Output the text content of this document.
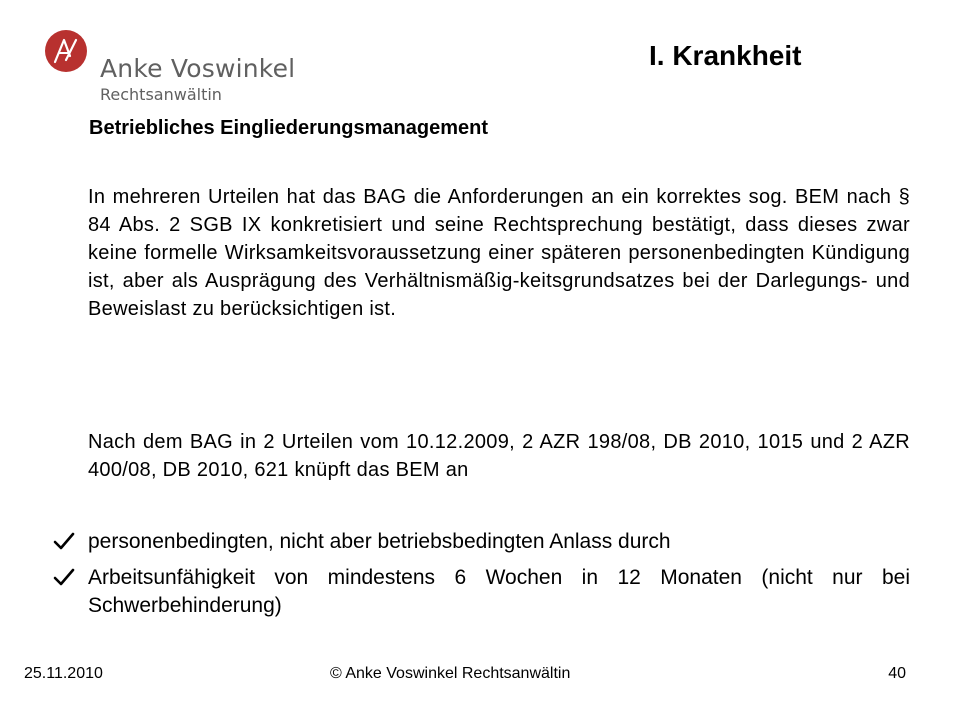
Anke Voswinkel
Rechtsanwältin
I. Krankheit
Betriebliches Eingliederungsmanagement

In mehreren Urteilen hat das BAG die Anforderungen an ein korrektes sog. BEM nach § 84 Abs. 2 SGB IX konkretisiert und seine Rechtsprechung bestätigt, dass dieses zwar keine formelle Wirksamkeitsvoraussetzung einer späteren personenbedingten Kündigung ist, aber als Ausprägung des Verhältnismäßig-keitsgrundsatzes bei der Darlegungs- und Beweislast zu berücksichtigen ist.

Nach dem BAG in 2 Urteilen vom 10.12.2009, 2 AZR 198/08, DB 2010, 1015 und 2 AZR 400/08, DB 2010, 621 knüpft das BEM an

personenbedingten, nicht aber betriebsbedingten Anlass durch
Arbeitsunfähigkeit von mindestens 6 Wochen in 12 Monaten (nicht nur bei Schwerbehinderung)
25.11.2010	© Anke Voswinkel Rechtsanwältin	40
